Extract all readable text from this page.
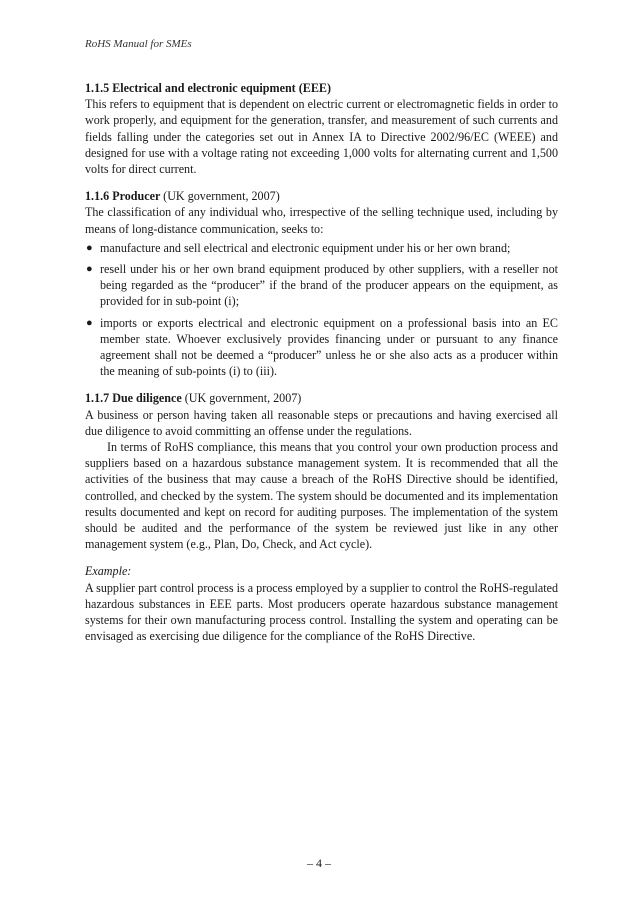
RoHS Manual for SMEs

1.1.5 Electrical and electronic equipment (EEE)

This refers to equipment that is dependent on electric current or electromagnetic fields in order to work properly, and equipment for the generation, transfer, and measurement of such currents and fields falling under the categories set out in Annex IA to Directive 2002/96/EC (WEEE) and designed for use with a voltage rating not exceeding 1,000 volts for alternating current and 1,500 volts for direct current.

1.1.6 Producer (UK government, 2007)

The classification of any individual who, irrespective of the selling technique used, including by means of long-distance communication, seeks to:

● manufacture and sell electrical and electronic equipment under his or her own brand;
● resell under his or her own brand equipment produced by other suppliers, with a reseller not being regarded as the “producer” if the brand of the producer appears on the equipment, as provided for in sub-point (i);
● imports or exports electrical and electronic equipment on a professional basis into an EC member state. Whoever exclusively provides financing under or pursuant to any finance agreement shall not be deemed a “producer” unless he or she also acts as a producer within the meaning of sub-points (i) to (iii).

1.1.7 Due diligence (UK government, 2007)

A business or person having taken all reasonable steps or precautions and having exercised all due diligence to avoid committing an offense under the regulations.

In terms of RoHS compliance, this means that you control your own production process and suppliers based on a hazardous substance management system. It is recommended that all the activities of the business that may cause a breach of the RoHS Directive should be identified, controlled, and checked by the system. The system should be documented and its implementation results documented and kept on record for auditing purposes. The implementation of the system should be audited and the performance of the system be reviewed just like in any other management system (e.g., Plan, Do, Check, and Act cycle).

Example:

A supplier part control process is a process employed by a supplier to control the RoHS-regulated hazardous substances in EEE parts. Most producers operate hazardous substance management systems for their own manufacturing process control. Installing the system and operating can be envisaged as exercising due diligence for the compliance of the RoHS Directive.

– 4 –
